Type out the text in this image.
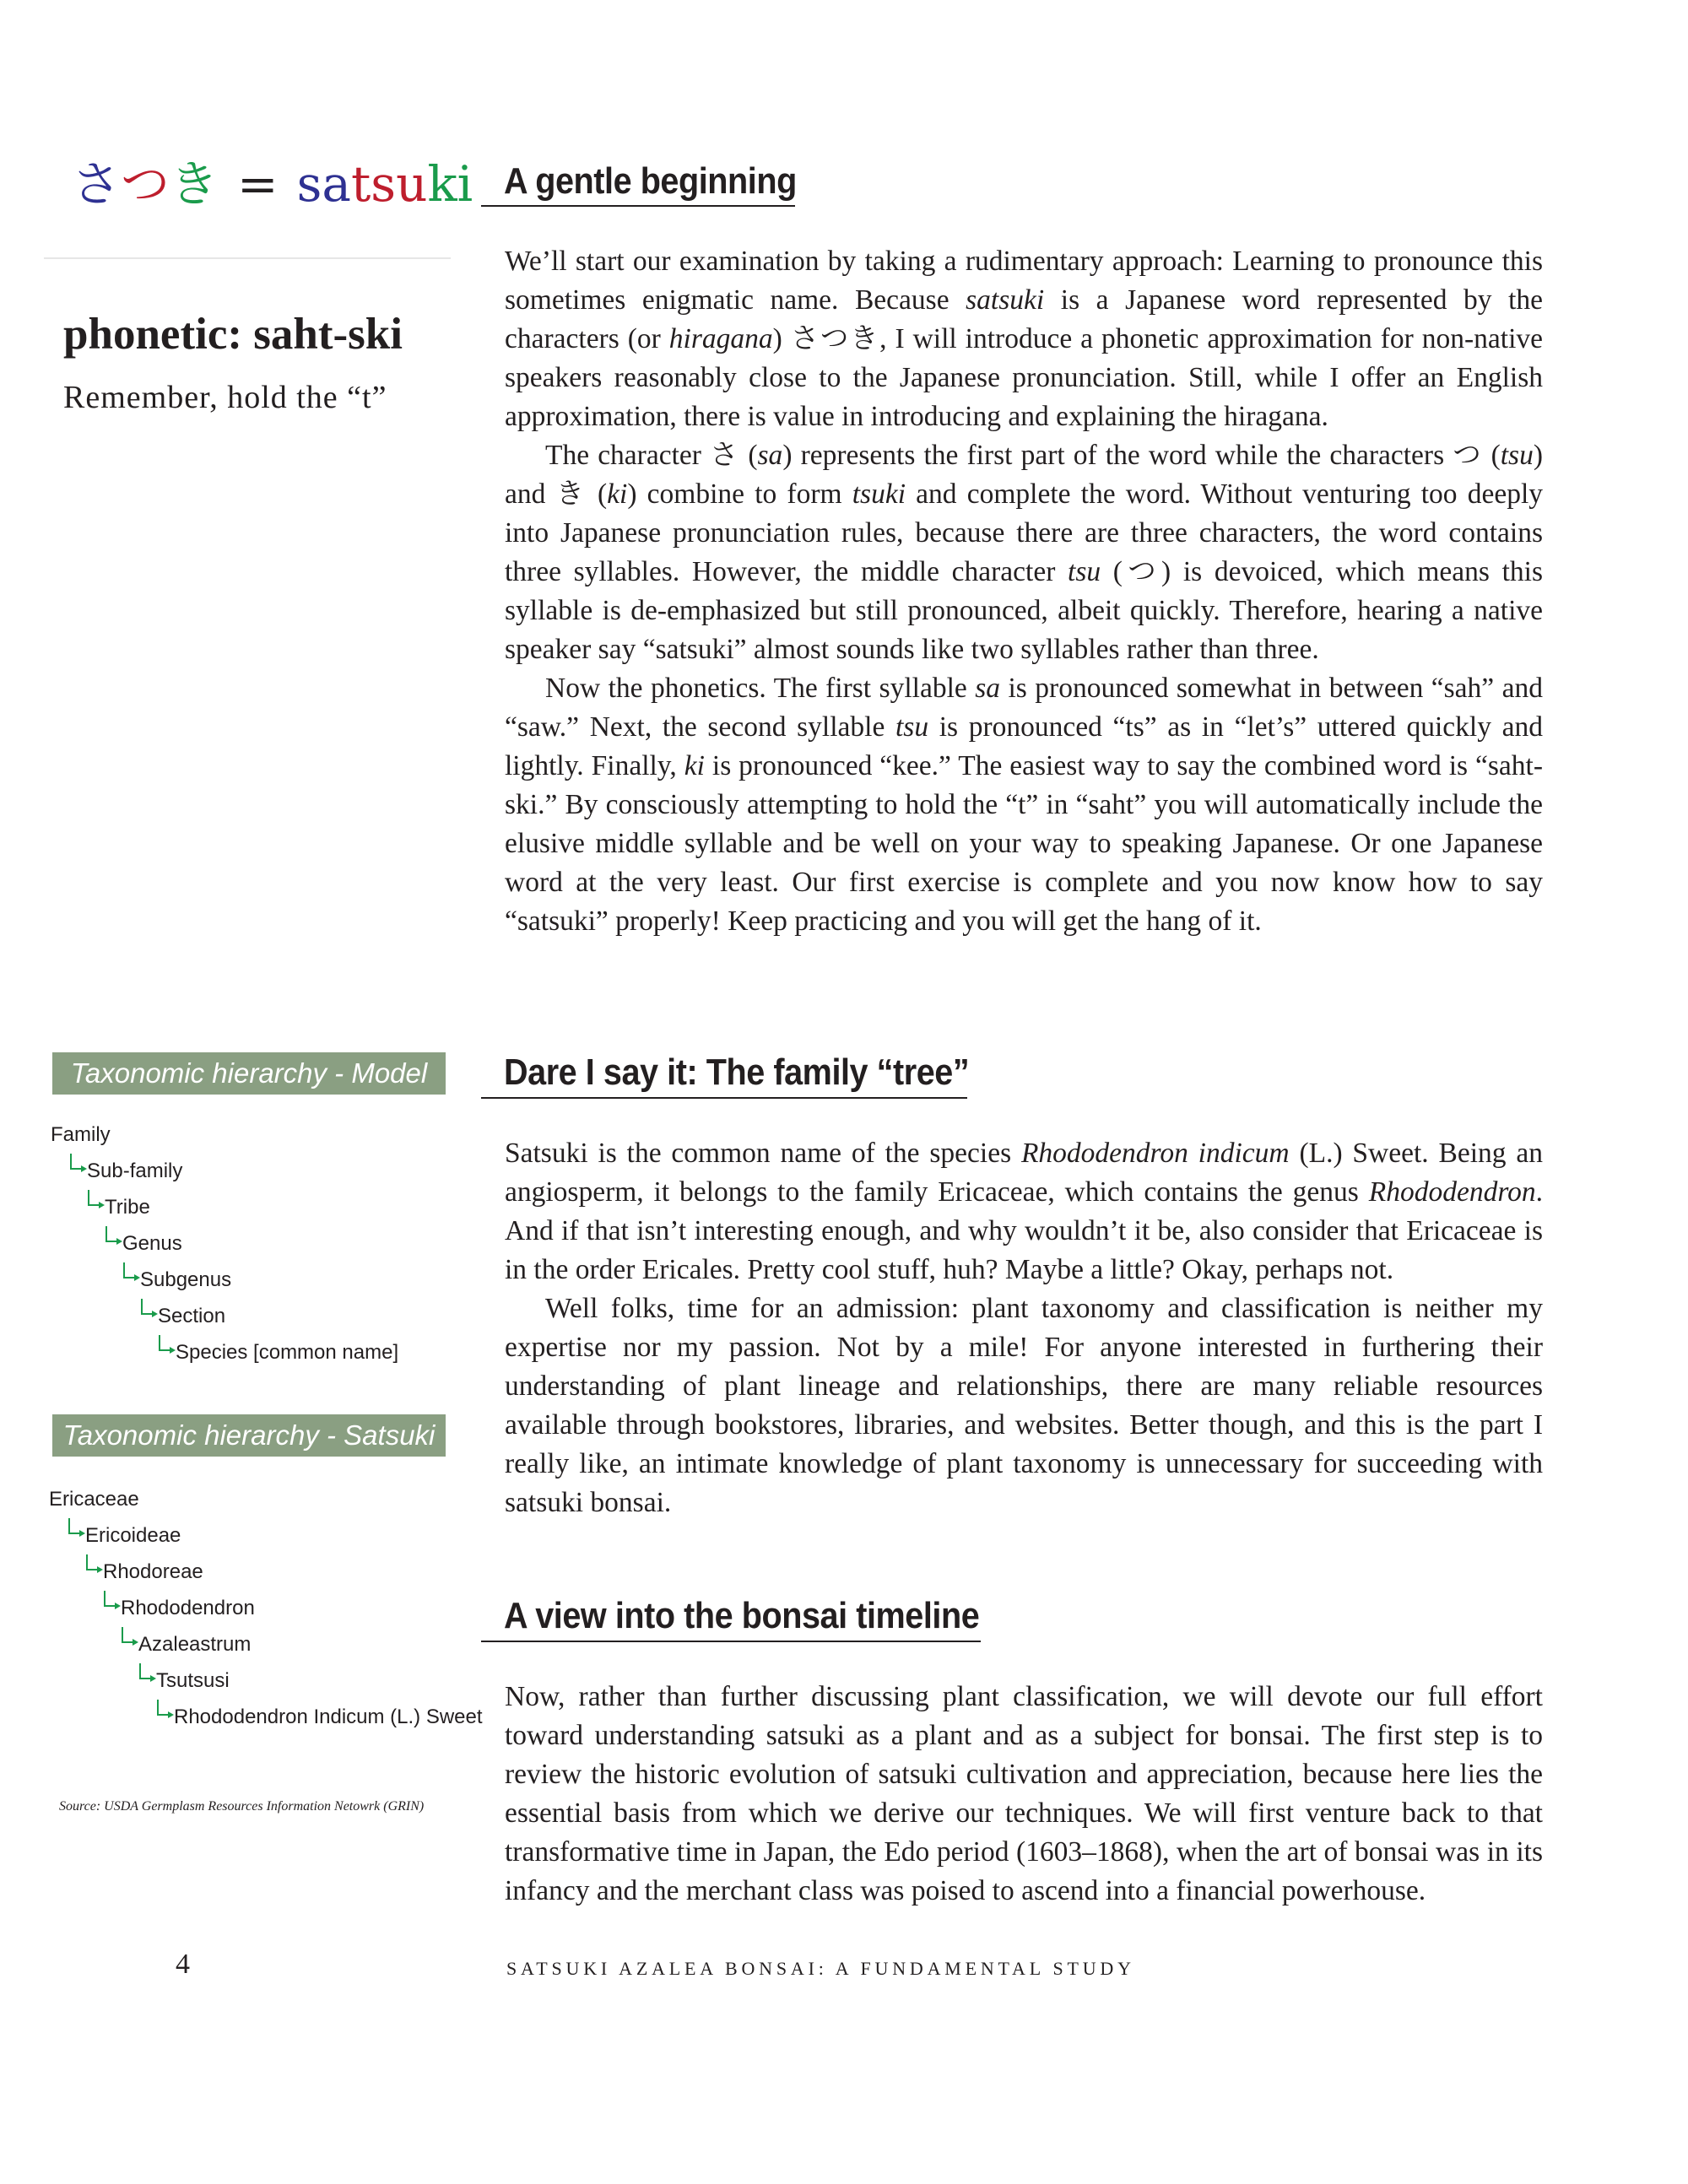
さつき = satsuki
phonetic: saht-ski
Remember, hold the “t”
Taxonomic hierarchy - Model
Family
Sub-family
Tribe
Genus
Subgenus
Section
Species [common name]
Taxonomic hierarchy - Satsuki
Ericaceae
Ericoideae
Rhodoreae
Rhododendron
Azaleastrum
Tsutsusi
Rhododendron Indicum (L.) Sweet
Source: USDA Germplasm Resources Information Netowrk (GRIN)
A gentle beginning

We’ll start our examination by taking a rudimentary approach: Learning to pronounce this sometimes enigmatic name. Because satsuki is a Japanese word represented by the characters (or hiragana) さつき, I will introduce a phonetic approximation for non-native speakers reasonably close to the Japanese pronunciation. Still, while I offer an English approximation, there is value in introducing and explaining the hiragana.

The character さ (sa) represents the first part of the word while the characters つ (tsu) and き (ki) combine to form tsuki and complete the word. Without venturing too deeply into Japanese pronunciation rules, because there are three characters, the word contains three syllables. However, the middle character tsu (つ) is devoiced, which means this syllable is de-emphasized but still pronounced, albeit quickly. Therefore, hearing a native speaker say “satsuki” almost sounds like two syllables rather than three.

Now the phonetics. The first syllable sa is pronounced somewhat in between “sah” and “saw.” Next, the second syllable tsu is pronounced “ts” as in “let’s” uttered quickly and lightly. Finally, ki is pronounced “kee.” The easiest way to say the combined word is “saht-ski.” By consciously attempting to hold the “t” in “saht” you will automatically include the elusive middle syllable and be well on your way to speaking Japanese. Or one Japanese word at the very least. Our first exercise is complete and you now know how to say “satsuki” properly! Keep practicing and you will get the hang of it.

Dare I say it: The family “tree”

Satsuki is the common name of the species Rhododendron indicum (L.) Sweet. Being an angiosperm, it belongs to the family Ericaceae, which contains the genus Rhododendron. And if that isn’t interesting enough, and why wouldn’t it be, also consider that Ericaceae is in the order Ericales. Pretty cool stuff, huh? Maybe a little? Okay, perhaps not.

Well folks, time for an admission: plant taxonomy and classification is neither my expertise nor my passion. Not by a mile! For anyone interested in furthering their understanding of plant lineage and relationships, there are many reliable resources available through bookstores, libraries, and websites. Better though, and this is the part I really like, an intimate knowledge of plant taxonomy is unnecessary for succeeding with satsuki bonsai.

A view into the bonsai timeline

Now, rather than further discussing plant classification, we will devote our full effort toward understanding satsuki as a plant and as a subject for bonsai. The first step is to review the historic evolution of satsuki cultivation and appreciation, because here lies the essential basis from which we derive our techniques. We will first venture back to that transformative time in Japan, the Edo period (1603–1868), when the art of bonsai was in its infancy and the merchant class was poised to ascend into a financial powerhouse.

4	SATSUKI AZALEA BONSAI: A FUNDAMENTAL STUDY
